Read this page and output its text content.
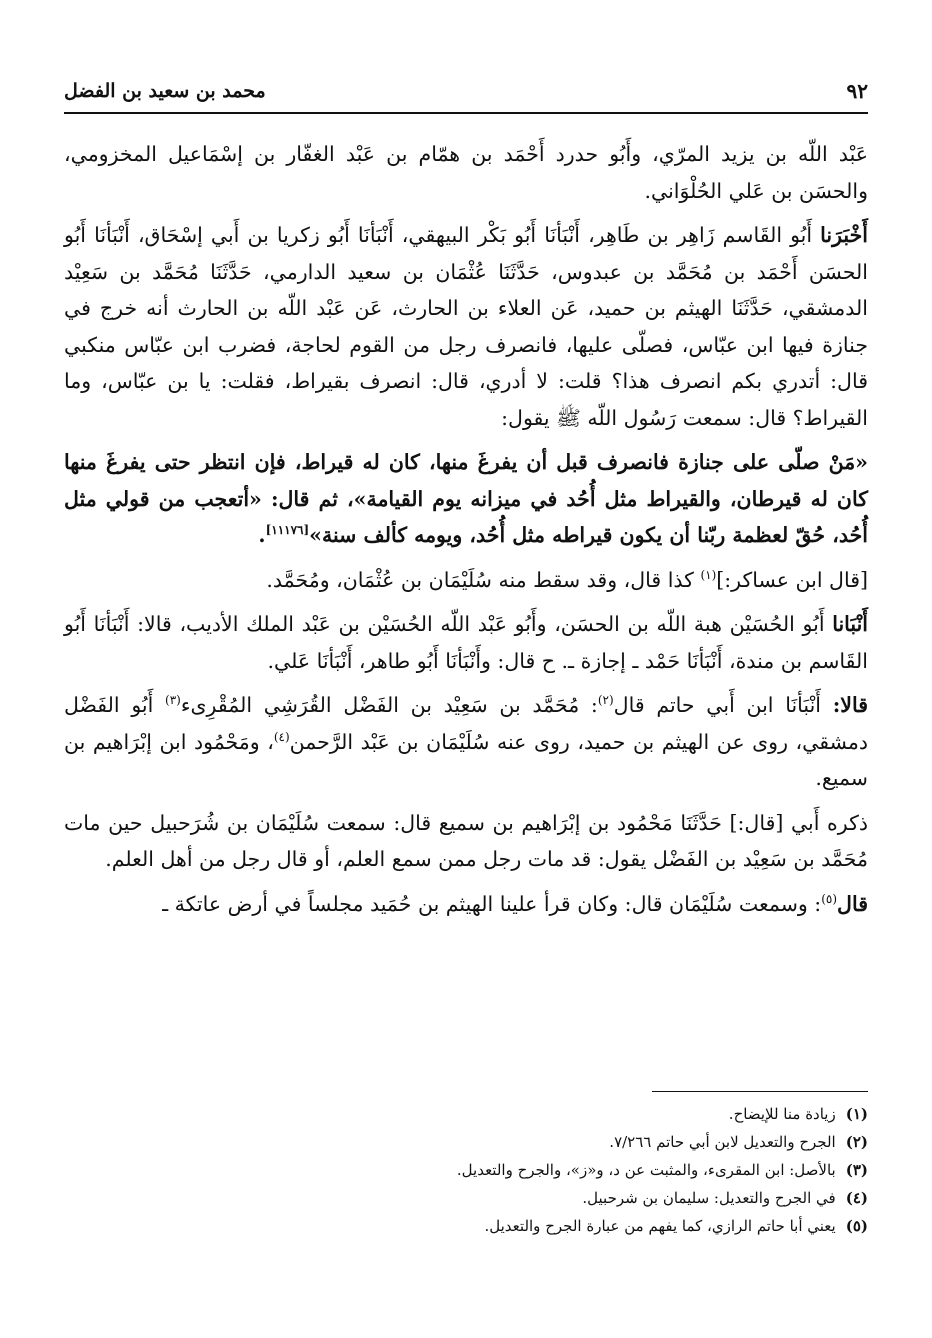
٩٢
محمد بن سعيد بن الفضل

عَبْد اللّه بن يزيد المرّي، وأَبُو حدرد أَحْمَد بن همّام بن عَبْد الغفّار بن إسْمَاعيل المخزومي، والحسَن بن عَلي الحُلْوَاني.

أَخْبَرَنا أَبُو القَاسم زَاهِر بن طَاهِر، أَنْبَأنَا أَبُو بَكْر البيهقي، أَنْبَأنَا أَبُو زكريا بن أَبي إسْحَاق، أَنْبَأنَا أَبُو الحسَن أَحْمَد بن مُحَمَّد بن عبدوس، حَدَّثَنَا عُثْمَان بن سعيد الدارمي، حَدَّثَنَا مُحَمَّد بن سَعِيْد الدمشقي، حَدَّثَنَا الهيثم بن حميد، عَن العلاء بن الحارث، عَن عَبْد اللّه بن الحارث أنه خرج في جنازة فيها ابن عبّاس، فصلّى عليها، فانصرف رجل من القوم لحاجة، فضرب ابن عبّاس منكبي قال: أتدري بكم انصرف هذا؟ قلت: لا أدري، قال: انصرف بقيراط، فقلت: يا بن عبّاس، وما القيراط؟ قال: سمعت رَسُول اللّه ﷺ يقول:

«مَنْ صلّى على جنازة فانصرف قبل أن يفرغَ منها، كان له قيراط، فإن انتظر حتى يفرغَ منها كان له قيرطان، والقيراط مثل أُحُد في ميزانه يوم القيامة»، ثم قال: «أتعجب من قولي مثل أُحُد، حُقّ لعظمة ربّنا أن يكون قيراطه مثل أُحُد، ويومه كألف سنة»[١١١٧٦].

[قال ابن عساكر:]$^{(١)}$ كذا قال، وقد سقط منه سُلَيْمَان بن عُثْمَان، ومُحَمَّد.

أَنْبَانا أَبُو الحُسَيْن هبة اللّه بن الحسَن، وأَبُو عَبْد اللّه الحُسَيْن بن عَبْد الملك الأديب، قالا: أَنْبَأنَا أَبُو القَاسم بن مندة، أَنْبَأنَا حَمْد ـ إجازة ـ. ح قال: وأَنْبَأنَا أَبُو طاهر، أَنْبَأنَا عَلي.

قالا: أَنْبَأنَا ابن أَبي حاتم قال$^{(٢)}$: مُحَمَّد بن سَعِيْد بن الفَضْل القُرَشِي المُقْرِىء$^{(٣)}$ أَبُو الفَضْل دمشقي، روى عن الهيثم بن حميد، روى عنه سُلَيْمَان بن عَبْد الرَّحمن$^{(٤)}$، ومَحْمُود ابن إبْرَاهيم بن سميع.

ذكره أَبي [قال:] حَدَّثَنَا مَحْمُود بن إبْرَاهيم بن سميع قال: سمعت سُلَيْمَان بن شُرَحبيل حين مات مُحَمَّد بن سَعِيْد بن الفَضْل يقول: قد مات رجل ممن سمع العلم، أو قال رجل من أهل العلم.

قال$^{(٥)}$: وسمعت سُلَيْمَان قال: وكان قرأ علينا الهيثم بن حُمَيد مجلساً في أرض عاتكة ـ

(١)
زيادة منا للإيضاح.
(٢)
الجرح والتعديل لابن أبي حاتم ٧/٢٦٦.
(٣)
بالأصل: ابن المقرىء، والمثبت عن د، و«ز»، والجرح والتعديل.
(٤)
في الجرح والتعديل: سليمان بن شرحبيل.
(٥)
يعني أبا حاتم الرازي، كما يفهم من عبارة الجرح والتعديل.
